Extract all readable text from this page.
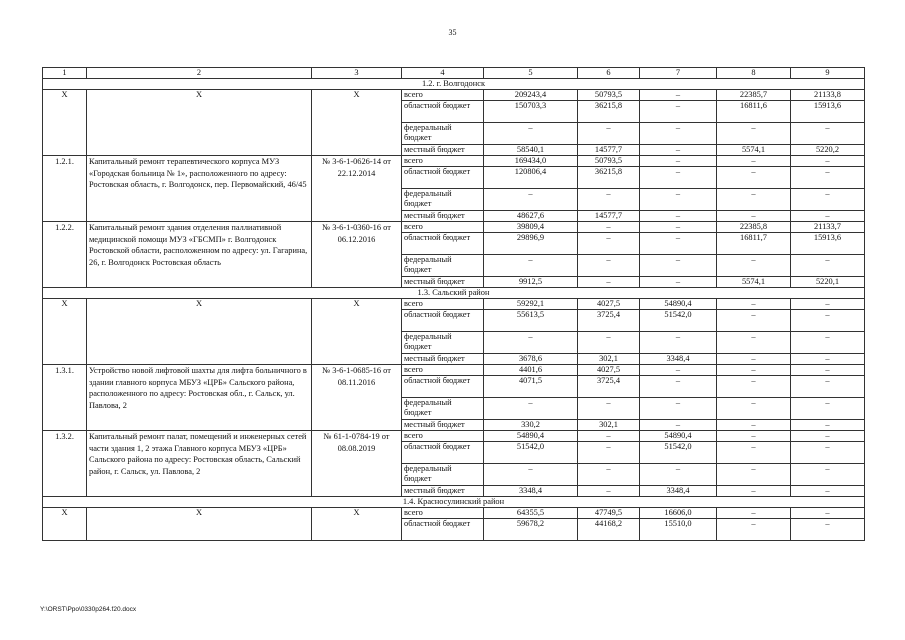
35
1	2	3	4	5	6	7	8	9
1.2. г. Волгодонск								
Х	Х	Х	всего	209243,4	50793,5	–	22385,7	21133,8
			областной бюджет	150703,3	36215,8	–	16811,6	15913,6
			федеральный бюджет	–	–	–	–	–
			местный бюджет	58540,1	14577,7	–	5574,1	5220,2
1.2.1.	Капитальный ремонт терапевтического корпуса МУЗ «Городская больница № 1», расположенного по адресу: Ростовская область, г. Волгодонск, пер. Первомайский, 46/45	№ 3-6-1-0626-14 от 22.12.2014	всего	169434,0	50793,5	–	–	–
			областной бюджет	120806,4	36215,8	–	–	–
			федеральный бюджет	–	–	–	–	–
			местный бюджет	48627,6	14577,7	–	–	–
1.2.2.	Капитальный ремонт здания отделения паллиативной медицинской помощи МУЗ «ГБСМП» г. Волгодонск Ростовской области, расположенном по адресу: ул. Гагарина, 26, г. Волгодонск Ростовская область	№ 3-6-1-0360-16 от 06.12.2016	всего	39809,4	–	–	22385,8	21133,7
			областной бюджет	29896,9	–	–	16811,7	15913,6
			федеральный бюджет	–	–	–	–	–
			местный бюджет	9912,5	–	–	5574,1	5220,1
1.3. Сальский район								
Х	Х	Х	всего	59292,1	4027,5	54890,4	–	–
			областной бюджет	55613,5	3725,4	51542,0	–	–
			федеральный бюджет	–	–	–	–	–
			местный бюджет	3678,6	302,1	3348,4	–	–
1.3.1.	Устройство новой лифтовой шахты для лифта больничного в здании главного корпуса МБУЗ «ЦРБ» Сальского района, расположенного по адресу: Ростовская обл., г. Сальск, ул. Павлова, 2	№ 3-6-1-0685-16 от 08.11.2016	всего	4401,6	4027,5	–	–	–
			областной бюджет	4071,5	3725,4	–	–	–
			федеральный бюджет	–	–	–	–	–
			местный бюджет	330,2	302,1	–	–	–
1.3.2.	Капитальный ремонт палат, помещений и инженерных сетей части здания 1, 2 этажа Главного корпуса МБУЗ «ЦРБ» Сальского района по адресу: Ростовская область, Сальский район, г. Сальск, ул. Павлова, 2	№ 61-1-0784-19 от 08.08.2019	всего	54890,4	–	54890,4	–	–
			областной бюджет	51542,0	–	51542,0	–	–
			федеральный бюджет	–	–	–	–	–
			местный бюджет	3348,4	–	3348,4	–	–
1.4. Красносулинский район								
Х	Х	Х	всего	64355,5	47749,5	16606,0	–	–
			областной бюджет	59678,2	44168,2	15510,0	–	–
Y:\ORST\Ppo\0330p264.f20.docx
